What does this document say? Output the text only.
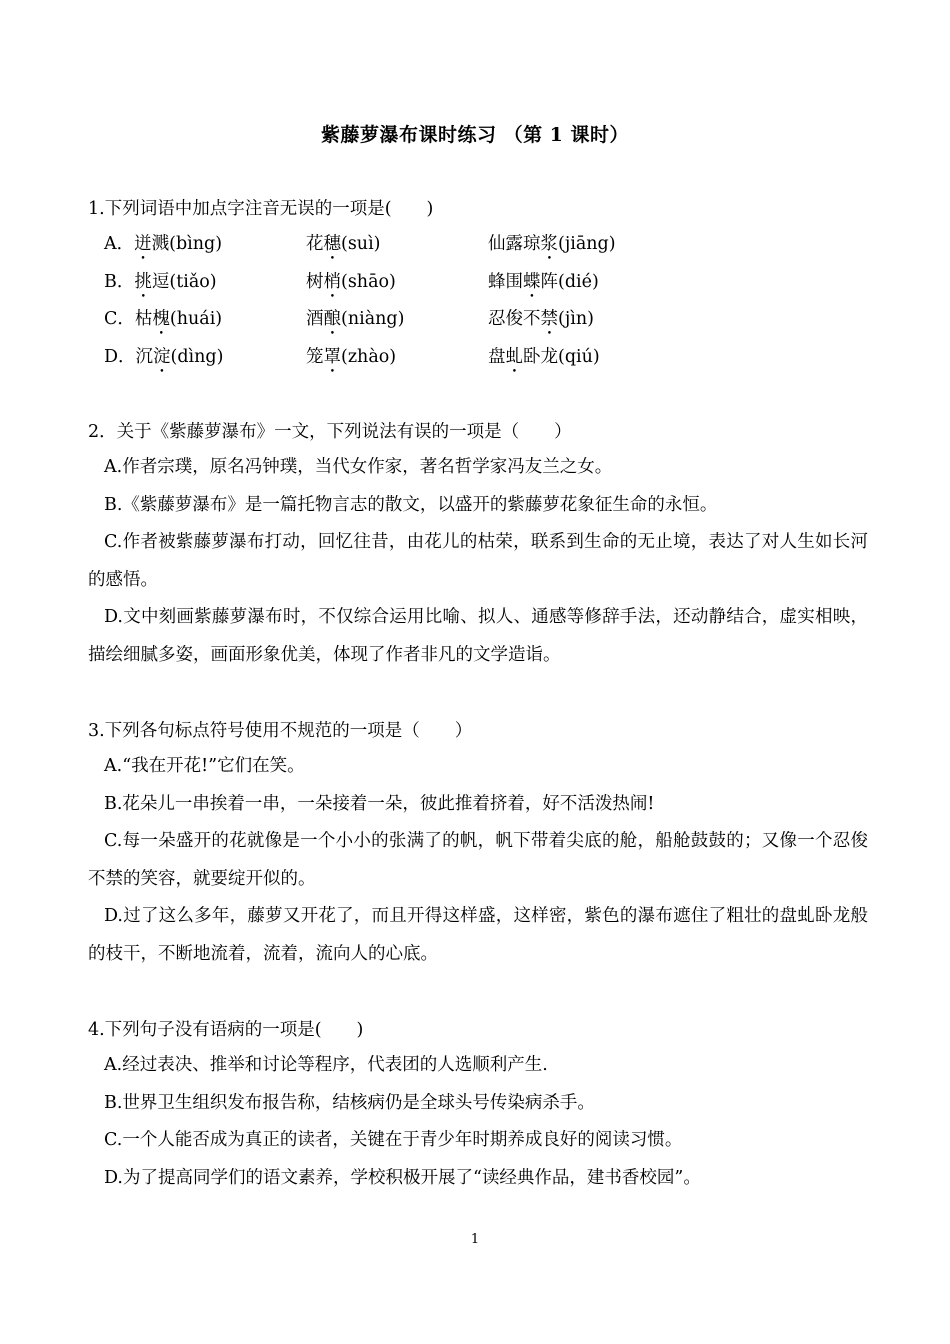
紫藤萝瀑布课时练习 （第 1 课时）
1.下列词语中加点字注音无误的一项是(　　)
A．迸溅(bìng)	花穗(suì)	仙露琼浆(jiāng)
B．挑逗(tiǎo)	树梢(shāo)	蜂围蝶阵(dié)
C．枯槐(huái)	酒酿(niàng)	忍俊不禁(jìn)
D．沉淀(dìng)	笼罩(zhào)	盘虬卧龙(qiú)
2．关于《紫藤萝瀑布》一文，下列说法有误的一项是（　　）
A.作者宗璞，原名冯钟璞，当代女作家，著名哲学家冯友兰之女。
B.《紫藤萝瀑布》是一篇托物言志的散文，以盛开的紫藤萝花象征生命的永恒。
C.作者被紫藤萝瀑布打动，回忆往昔，由花儿的枯荣，联系到生命的无止境，表达了对人生如长河的感悟。
D.文中刻画紫藤萝瀑布时，不仅综合运用比喻、拟人、通感等修辞手法，还动静结合，虚实相映，描绘细腻多姿，画面形象优美，体现了作者非凡的文学造诣。
3.下列各句标点符号使用不规范的一项是（　　）
A.“我在开花!”它们在笑。
B.花朵儿一串挨着一串，一朵接着一朵，彼此推着挤着，好不活泼热闹!
C.每一朵盛开的花就像是一个小小的张满了的帆，帆下带着尖底的舱，船舱鼓鼓的；又像一个忍俊不禁的笑容，就要绽开似的。
D.过了这么多年，藤萝又开花了，而且开得这样盛，这样密，紫色的瀑布遮住了粗壮的盘虬卧龙般的枝干，不断地流着，流着，流向人的心底。
4.下列句子没有语病的一项是(　　)
A.经过表决、推举和讨论等程序，代表团的人选顺利产生.
B.世界卫生组织发布报告称，结核病仍是全球头号传染病杀手。
C.一个人能否成为真正的读者，关键在于青少年时期养成良好的阅读习惯。
D.为了提高同学们的语文素养，学校积极开展了“读经典作品，建书香校园”。
1
